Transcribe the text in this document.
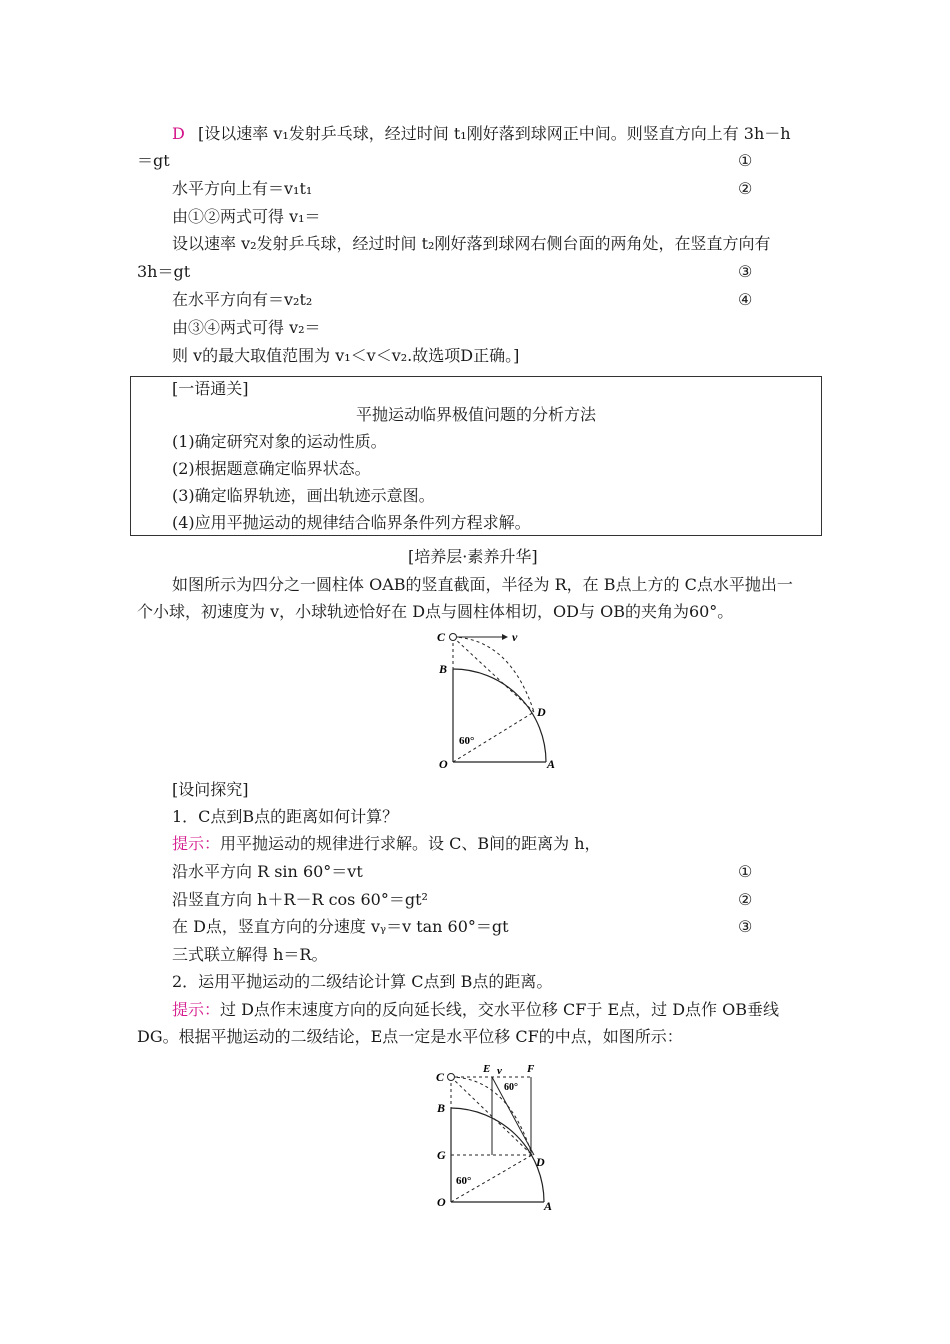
D [设以速率 v₁发射乒乓球，经过时间 t₁刚好落到球网正中间。则竖直方向上有 3h－h
＝gt	①
水平方向上有＝v₁t₁	②
由①②两式可得 v₁＝
设以速率 v₂发射乒乓球，经过时间 t₂刚好落到球网右侧台面的两角处，在竖直方向有
3h＝gt	③
在水平方向有＝v₂t₂	④
由③④两式可得 v₂＝
则 v的最大取值范围为 v₁＜v＜v₂.故选项D正确。]
[一语通关]
平抛运动临界极值问题的分析方法
(1)确定研究对象的运动性质。
(2)根据题意确定临界状态。
(3)确定临界轨迹，画出轨迹示意图。
(4)应用平抛运动的规律结合临界条件列方程求解。
[培养层·素养升华]
如图所示为四分之一圆柱体 OAB的竖直截面，半径为 R，在 B点上方的 C点水平抛出一
个小球，初速度为 v，小球轨迹恰好在 D点与圆柱体相切，OD与 OB的夹角为60°。
C	v
B
D
O	A
60°
[设问探究]
1．C点到B点的距离如何计算？
提示：用平抛运动的规律进行求解。设 C、B间的距离为 h，
沿水平方向 R sin 60°＝vt	①
沿竖直方向 h＋R－R cos 60°＝gt²	②
在 D点，竖直方向的分速度 vᵧ＝v tan 60°＝gt	③
三式联立解得 h＝R。
2．运用平抛运动的二级结论计算 C点到 B点的距离。
提示：过 D点作末速度方向的反向延长线，交水平位移 CF于 E点，过 D点作 OB垂线
DG。根据平抛运动的二级结论，E点一定是水平位移 CF的中点，如图所示：
C
E v F
60°
B
G	D
O	A
60°
